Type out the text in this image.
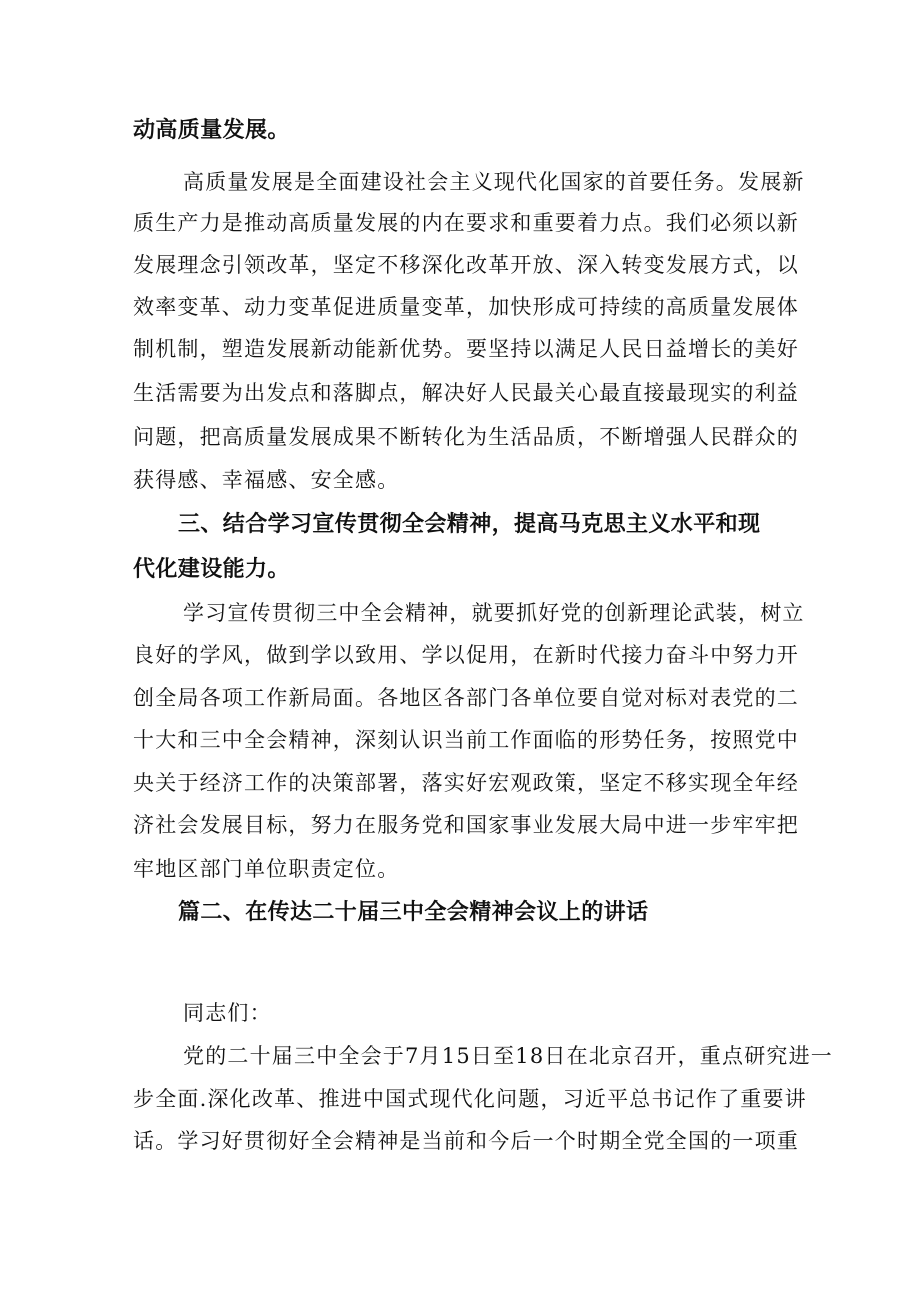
动高质量发展。
高质量发展是全面建设社会主义现代化国家的首要任务。发展新
质生产力是推动高质量发展的内在要求和重要着力点。我们必须以新
发展理念引领改革，坚定不移深化改革开放、深入转变发展方式，以
效率变革、动力变革促进质量变革，加快形成可持续的高质量发展体
制机制，塑造发展新动能新优势。要坚持以满足人民日益增长的美好
生活需要为出发点和落脚点，解决好人民最关心最直接最现实的利益
问题，把高质量发展成果不断转化为生活品质，不断增强人民群众的
获得感、幸福感、安全感。
三、结合学习宣传贯彻全会精神，提高马克思主义水平和现
代化建设能力。
学习宣传贯彻三中全会精神，就要抓好党的创新理论武装，树立
良好的学风，做到学以致用、学以促用，在新时代接力奋斗中努力开
创全局各项工作新局面。各地区各部门各单位要自觉对标对表党的二
十大和三中全会精神，深刻认识当前工作面临的形势任务，按照党中
央关于经济工作的决策部署，落实好宏观政策，坚定不移实现全年经
济社会发展目标，努力在服务党和国家事业发展大局中进一步牢牢把
牢地区部门单位职责定位。
篇二、在传达二十届三中全会精神会议上的讲话
同志们：
党的二十届三中全会于7月15日至18日在北京召开，重点研究进一
步全面.深化改革、推进中国式现代化问题，习近平总书记作了重要讲
话。学习好贯彻好全会精神是当前和今后一个时期全党全国的一项重
